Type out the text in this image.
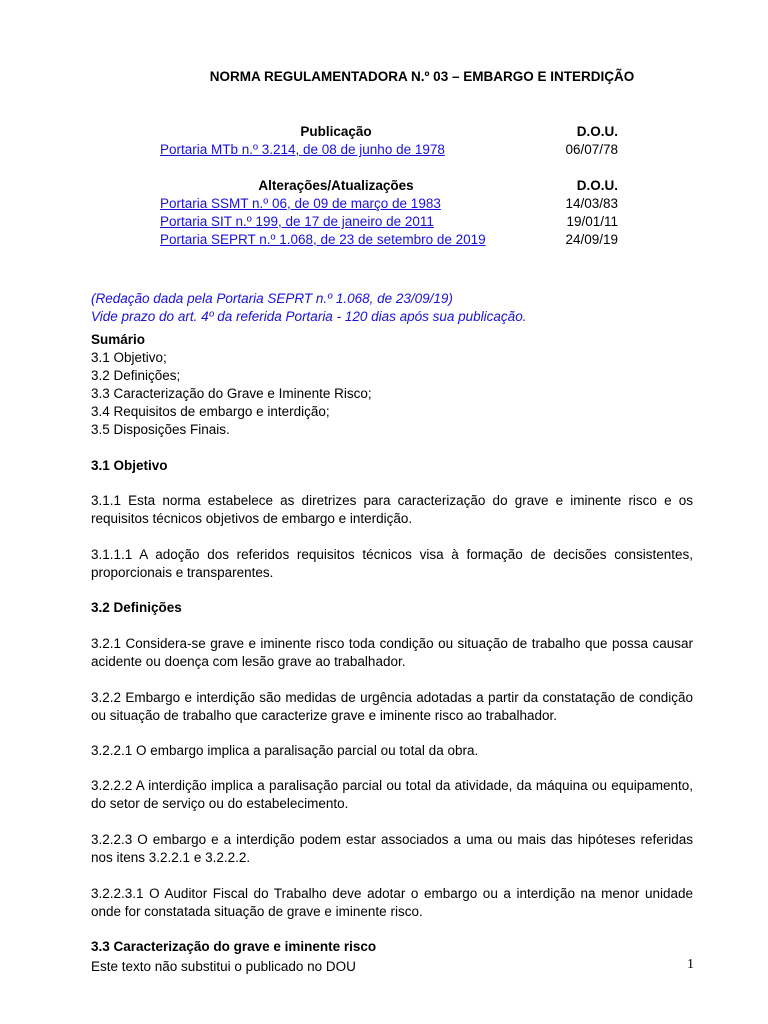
NORMA REGULAMENTADORA N.º 03 – EMBARGO E INTERDIÇÃO
Publicação	D.O.U.
Portaria MTb n.º 3.214, de 08 de junho de 1978	06/07/78
Alterações/Atualizações	D.O.U.
Portaria SSMT n.º 06, de 09 de março de 1983	14/03/83
Portaria SIT n.º 199, de 17 de janeiro de 2011	19/01/11
Portaria SEPRT n.º 1.068, de 23 de setembro de 2019	24/09/19
(Redação dada pela Portaria SEPRT n.º 1.068, de 23/09/19)
Vide prazo do art. 4º da referida Portaria - 120 dias após sua publicação.
Sumário
3.1 Objetivo;
3.2 Definições;
3.3 Caracterização do Grave e Iminente Risco;
3.4 Requisitos de embargo e interdição;
3.5 Disposições Finais.
3.1 Objetivo
3.1.1 Esta norma estabelece as diretrizes para caracterização do grave e iminente risco e os requisitos técnicos objetivos de embargo e interdição.
3.1.1.1 A adoção dos referidos requisitos técnicos visa à formação de decisões consistentes, proporcionais e transparentes.
3.2 Definições
3.2.1 Considera-se grave e iminente risco toda condição ou situação de trabalho que possa causar acidente ou doença com lesão grave ao trabalhador.
3.2.2 Embargo e interdição são medidas de urgência adotadas a partir da constatação de condição ou situação de trabalho que caracterize grave e iminente risco ao trabalhador.
3.2.2.1 O embargo implica a paralisação parcial ou total da obra.
3.2.2.2 A interdição implica a paralisação parcial ou total da atividade, da máquina ou equipamento, do setor de serviço ou do estabelecimento.
3.2.2.3 O embargo e a interdição podem estar associados a uma ou mais das hipóteses referidas nos itens 3.2.2.1 e 3.2.2.2.
3.2.2.3.1 O Auditor Fiscal do Trabalho deve adotar o embargo ou a interdição na menor unidade onde for constatada situação de grave e iminente risco.
3.3 Caracterização do grave e iminente risco
Este texto não substitui o publicado no DOU	1
